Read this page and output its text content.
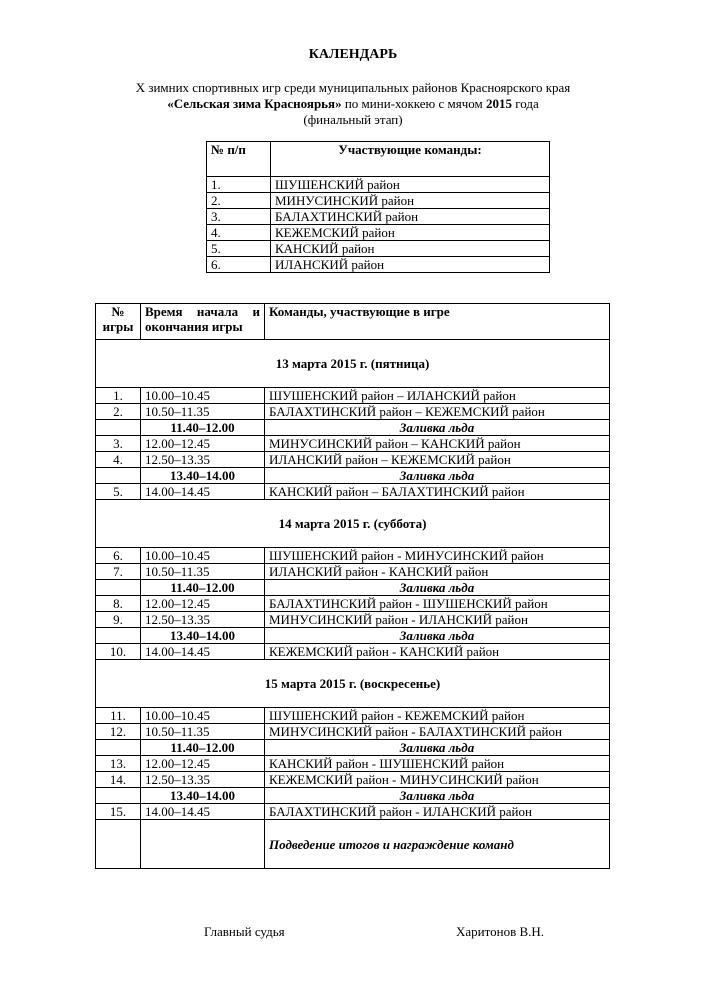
КАЛЕНДАРЬ
X зимних спортивных игр среди муниципальных районов Красноярского края
«Сельская зима Красноярья» по мини-хоккею с мячом 2015 года
(финальный этап)
№ п/п	Участвующие команды:
1.	ШУШЕНСКИЙ район
2.	МИНУСИНСКИЙ район
3.	БАЛАХТИНСКИЙ район
4.	КЕЖЕМСКИЙ район
5.	КАНСКИЙ район
6.	ИЛАНСКИЙ район
№ игры	Время начала и окончания игры	Команды, участвующие в игре
13 марта 2015 г. (пятница)		
1.	10.00–10.45	ШУШЕНСКИЙ район – ИЛАНСКИЙ район
2.	10.50–11.35	БАЛАХТИНСКИЙ район – КЕЖЕМСКИЙ район
	11.40–12.00	Заливка льда
3.	12.00–12.45	МИНУСИНСКИЙ район – КАНСКИЙ район
4.	12.50–13.35	ИЛАНСКИЙ район – КЕЖЕМСКИЙ район
	13.40–14.00	Заливка льда
5.	14.00–14.45	КАНСКИЙ район – БАЛАХТИНСКИЙ район
14 марта 2015 г. (суббота)		
6.	10.00–10.45	ШУШЕНСКИЙ район - МИНУСИНСКИЙ район
7.	10.50–11.35	ИЛАНСКИЙ район - КАНСКИЙ район
	11.40–12.00	Заливка льда
8.	12.00–12.45	БАЛАХТИНСКИЙ район - ШУШЕНСКИЙ район
9.	12.50–13.35	МИНУСИНСКИЙ район - ИЛАНСКИЙ район
	13.40–14.00	Заливка льда
10.	14.00–14.45	КЕЖЕМСКИЙ район - КАНСКИЙ район
15 марта 2015 г. (воскресенье)		
11.	10.00–10.45	ШУШЕНСКИЙ район - КЕЖЕМСКИЙ район
12.	10.50–11.35	МИНУСИНСКИЙ район - БАЛАХТИНСКИЙ район
	11.40–12.00	Заливка льда
13.	12.00–12.45	КАНСКИЙ район - ШУШЕНСКИЙ район
14.	12.50–13.35	КЕЖЕМСКИЙ район - МИНУСИНСКИЙ район
	13.40–14.00	Заливка льда
15.	14.00–14.45	БАЛАХТИНСКИЙ район - ИЛАНСКИЙ район
		Подведение итогов и награждение команд
Главный судья	Харитонов В.Н.
